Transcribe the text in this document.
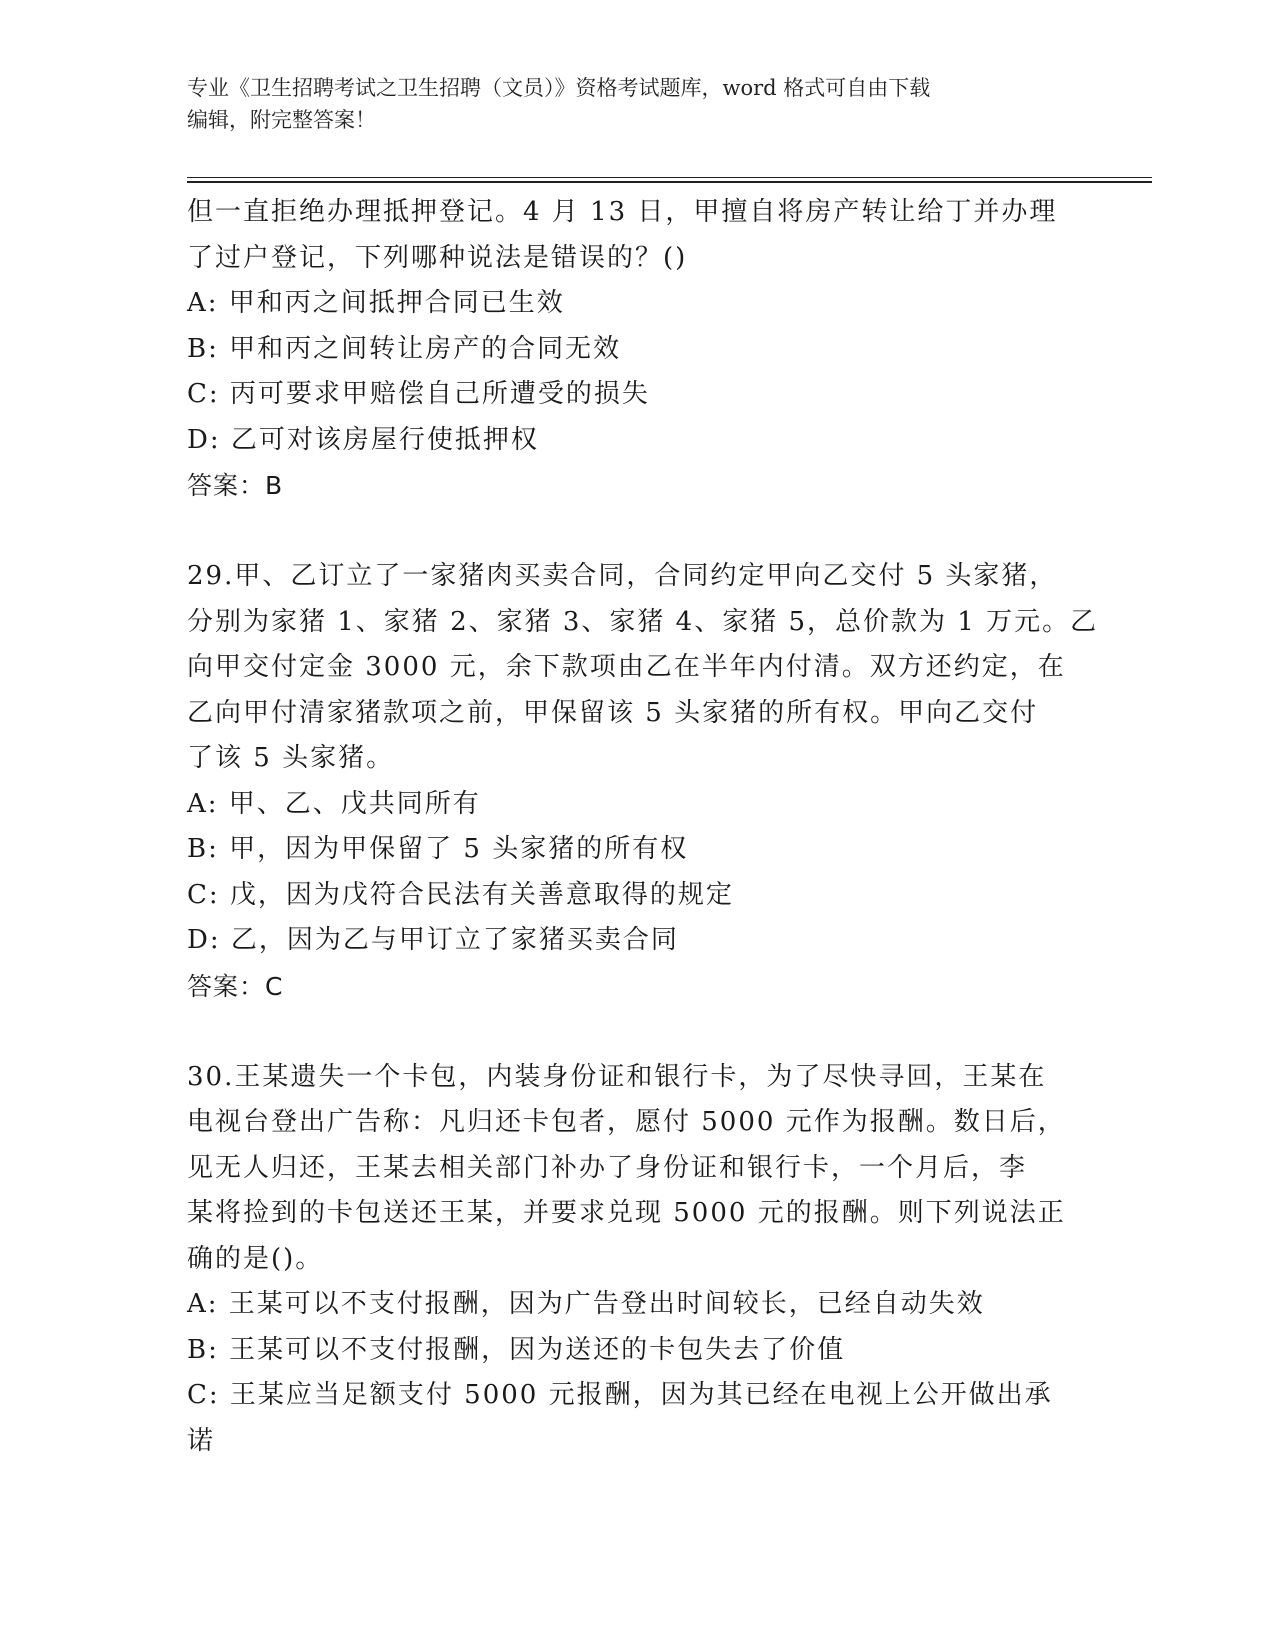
专业《卫生招聘考试之卫生招聘（文员）》资格考试题库，word 格式可自由下载
编辑，附完整答案！
但一直拒绝办理抵押登记。4 月 13 日，甲擅自将房产转让给丁并办理
了过户登记，下列哪种说法是错误的？()
A: 甲和丙之间抵押合同已生效
B: 甲和丙之间转让房产的合同无效
C: 丙可要求甲赔偿自己所遭受的损失
D: 乙可对该房屋行使抵押权
答案：B
29.甲、乙订立了一家猪肉买卖合同，合同约定甲向乙交付 5 头家猪，
分别为家猪 1、家猪 2、家猪 3、家猪 4、家猪 5，总价款为 1 万元。乙
向甲交付定金 3000 元，余下款项由乙在半年内付清。双方还约定，在
乙向甲付清家猪款项之前，甲保留该 5 头家猪的所有权。甲向乙交付
了该 5 头家猪。
A: 甲、乙、戊共同所有
B: 甲，因为甲保留了 5 头家猪的所有权
C: 戊，因为戊符合民法有关善意取得的规定
D: 乙，因为乙与甲订立了家猪买卖合同
答案：C
30.王某遗失一个卡包，内装身份证和银行卡，为了尽快寻回，王某在
电视台登出广告称：凡归还卡包者，愿付 5000 元作为报酬。数日后，
见无人归还，王某去相关部门补办了身份证和银行卡，一个月后，李
某将捡到的卡包送还王某，并要求兑现 5000 元的报酬。则下列说法正
确的是()。
A: 王某可以不支付报酬，因为广告登出时间较长，已经自动失效
B: 王某可以不支付报酬，因为送还的卡包失去了价值
C: 王某应当足额支付 5000 元报酬，因为其已经在电视上公开做出承
诺
